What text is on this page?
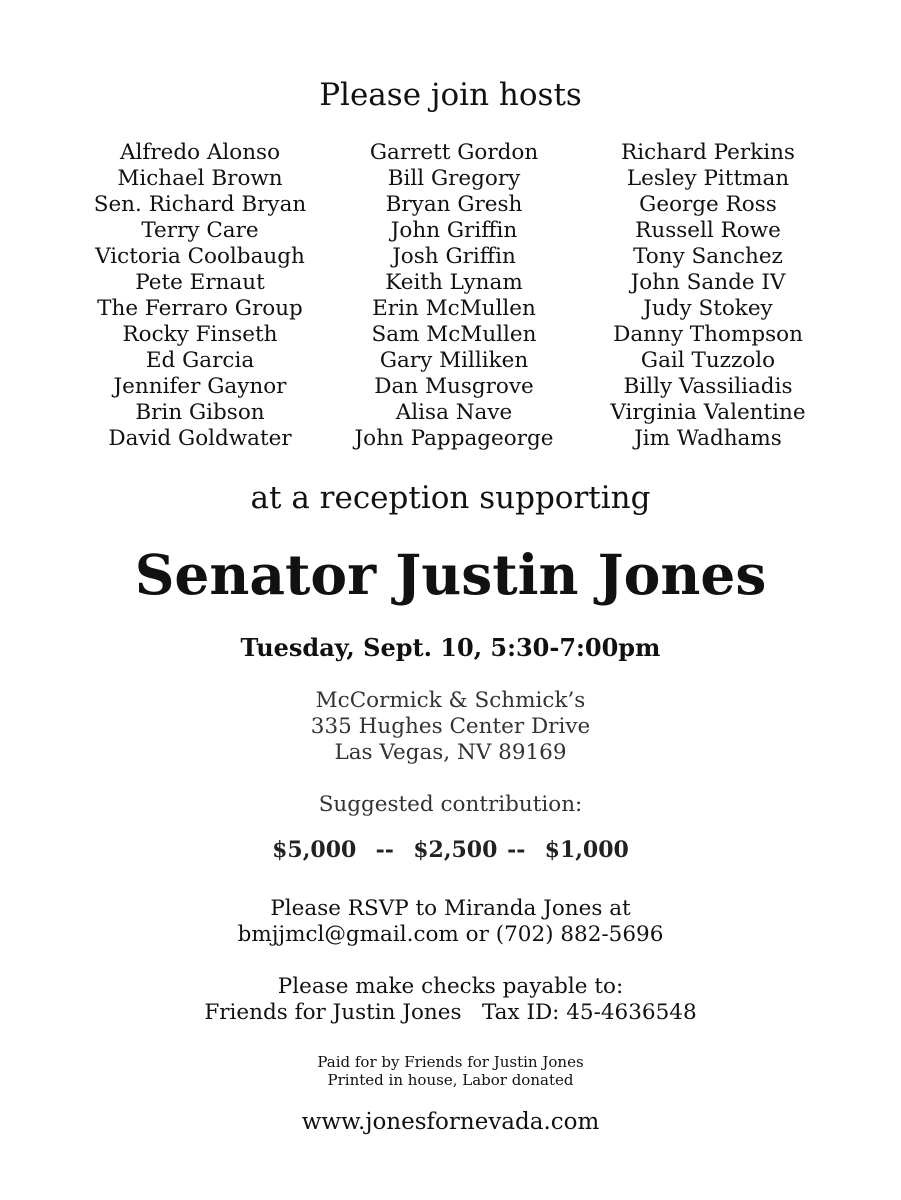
Please join hosts
Alfredo Alonso
Michael Brown
Sen. Richard Bryan
Terry Care
Victoria Coolbaugh
Pete Ernaut
The Ferraro Group
Rocky Finseth
Ed Garcia
Jennifer Gaynor
Brin Gibson
David Goldwater
Garrett Gordon
Bill Gregory
Bryan Gresh
John Griffin
Josh Griffin
Keith Lynam
Erin McMullen
Sam McMullen
Gary Milliken
Dan Musgrove
Alisa Nave
John Pappageorge
Richard Perkins
Lesley Pittman
George Ross
Russell Rowe
Tony Sanchez
John Sande IV
Judy Stokey
Danny Thompson
Gail Tuzzolo
Billy Vassiliadis
Virginia Valentine
Jim Wadhams
at a reception supporting
Senator Justin Jones
Tuesday, Sept. 10, 5:30-7:00pm
McCormick & Schmick’s
335 Hughes Center Drive
Las Vegas, NV 89169
Suggested contribution:
$5,000  --  $2,500 --  $1,000
Please RSVP to Miranda Jones at
bmjjmcl@gmail.com or (702) 882-5696
Please make checks payable to:
Friends for Justin Jones   Tax ID: 45-4636548
Paid for by Friends for Justin Jones
Printed in house, Labor donated
www.jonesfornevada.com
